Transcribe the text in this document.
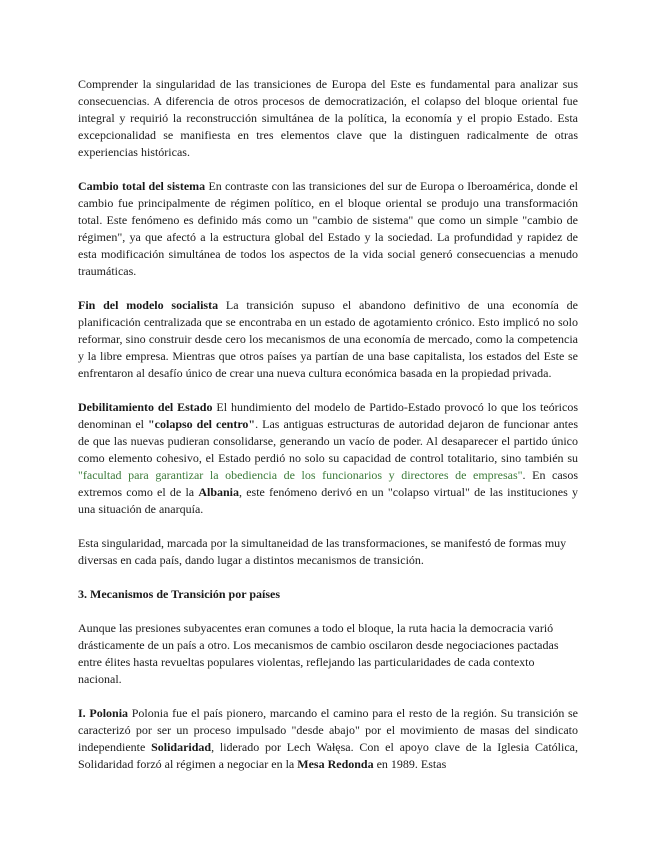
Comprender la singularidad de las transiciones de Europa del Este es fundamental para analizar sus consecuencias. A diferencia de otros procesos de democratización, el colapso del bloque oriental fue integral y requirió la reconstrucción simultánea de la política, la economía y el propio Estado. Esta excepcionalidad se manifiesta en tres elementos clave que la distinguen radicalmente de otras experiencias históricas.

Cambio total del sistema En contraste con las transiciones del sur de Europa o Iberoamérica, donde el cambio fue principalmente de régimen político, en el bloque oriental se produjo una transformación total. Este fenómeno es definido más como un "cambio de sistema" que como un simple "cambio de régimen", ya que afectó a la estructura global del Estado y la sociedad. La profundidad y rapidez de esta modificación simultánea de todos los aspectos de la vida social generó consecuencias a menudo traumáticas.

Fin del modelo socialista La transición supuso el abandono definitivo de una economía de planificación centralizada que se encontraba en un estado de agotamiento crónico. Esto implicó no solo reformar, sino construir desde cero los mecanismos de una economía de mercado, como la competencia y la libre empresa. Mientras que otros países ya partían de una base capitalista, los estados del Este se enfrentaron al desafío único de crear una nueva cultura económica basada en la propiedad privada.

Debilitamiento del Estado El hundimiento del modelo de Partido-Estado provocó lo que los teóricos denominan el "colapso del centro". Las antiguas estructuras de autoridad dejaron de funcionar antes de que las nuevas pudieran consolidarse, generando un vacío de poder. Al desaparecer el partido único como elemento cohesivo, el Estado perdió no solo su capacidad de control totalitario, sino también su "facultad para garantizar la obediencia de los funcionarios y directores de empresas". En casos extremos como el de la Albania, este fenómeno derivó en un "colapso virtual" de las instituciones y una situación de anarquía.

Esta singularidad, marcada por la simultaneidad de las transformaciones, se manifestó de formas muy diversas en cada país, dando lugar a distintos mecanismos de transición.

3. Mecanismos de Transición por países

Aunque las presiones subyacentes eran comunes a todo el bloque, la ruta hacia la democracia varió drásticamente de un país a otro. Los mecanismos de cambio oscilaron desde negociaciones pactadas entre élites hasta revueltas populares violentas, reflejando las particularidades de cada contexto nacional.

I. Polonia Polonia fue el país pionero, marcando el camino para el resto de la región. Su transición se caracterizó por ser un proceso impulsado "desde abajo" por el movimiento de masas del sindicato independiente Solidaridad, liderado por Lech Wałęsa. Con el apoyo clave de la Iglesia Católica, Solidaridad forzó al régimen a negociar en la Mesa Redonda en 1989. Estas
